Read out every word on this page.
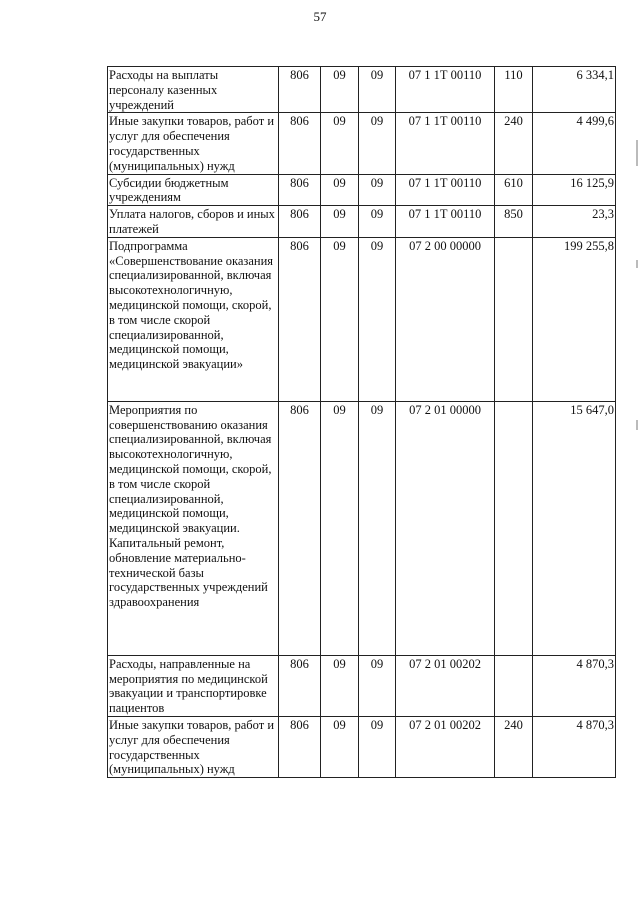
57
Расходы на выплаты персоналу казенных учреждений	806	09	09	07 1 1Т 00110	110	6 334,1
Иные закупки товаров, работ и услуг для обеспечения государственных (муниципальных) нужд	806	09	09	07 1 1Т 00110	240	4 499,6
Субсидии бюджетным учреждениям	806	09	09	07 1 1Т 00110	610	16 125,9
Уплата налогов, сборов и иных платежей	806	09	09	07 1 1Т 00110	850	23,3
Подпрограмма «Совершенствование оказания специализированной, включая высокотехнологичную, медицинской помощи, скорой, в том числе скорой специализированной, медицинской помощи, медицинской эвакуации»	806	09	09	07 2 00 00000		199 255,8
Мероприятия по совершенствованию оказания специализированной, включая высокотехнологичную, медицинской помощи, скорой, в том числе скорой специализированной, медицинской помощи, медицинской эвакуации. Капитальный ремонт, обновление материально-технической базы государственных учреждений здравоохранения	806	09	09	07 2 01 00000		15 647,0
Расходы, направленные на мероприятия по медицинской эвакуации и транспортировке пациентов	806	09	09	07 2 01 00202		4 870,3
Иные закупки товаров, работ и услуг для обеспечения государственных (муниципальных) нужд	806	09	09	07 2 01 00202	240	4 870,3
